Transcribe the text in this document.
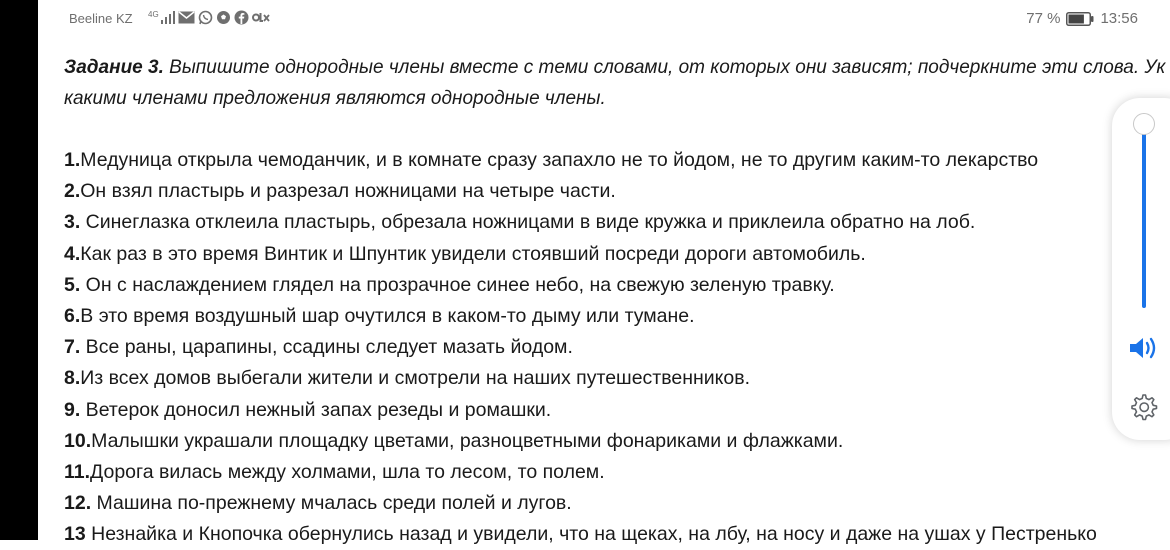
Beeline KZ 4G	77 %	13:56
Задание 3. Выпишите однородные члены вместе с теми словами, от которых они зависят; подчеркните эти слова. Ук
какими членами предложения являются однородные члены.
1.Медуница открыла чемоданчик, и в комнате сразу запахло не то йодом, не то другим каким-то лекарство
2.Он взял пластырь и разрезал ножницами на четыре части.
3. Синеглазка отклеила пластырь, обрезала ножницами в виде кружка и приклеила обратно на лоб.
4.Как раз в это время Винтик и Шпунтик увидели стоявший посреди дороги автомобиль.
5. Он с наслаждением глядел на прозрачное синее небо, на свежую зеленую травку.
6.В это время воздушный шар очутился в каком-то дыму или тумане.
7. Все раны, царапины, ссадины следует мазать йодом.
8.Из всех домов выбегали жители и смотрели на наших путешественников.
9. Ветерок доносил нежный запах резеды и ромашки.
10.Малышки украшали площадку цветами, разноцветными фонариками и флажками.
11.Дорога вилась между холмами, шла то лесом, то полем.
12. Машина по-прежнему мчалась среди полей и лугов.
13 Незнайка и Кнопочка обернулись назад и увидели, что на щеках, на лбу, на носу и даже на ушах у Пестренько
